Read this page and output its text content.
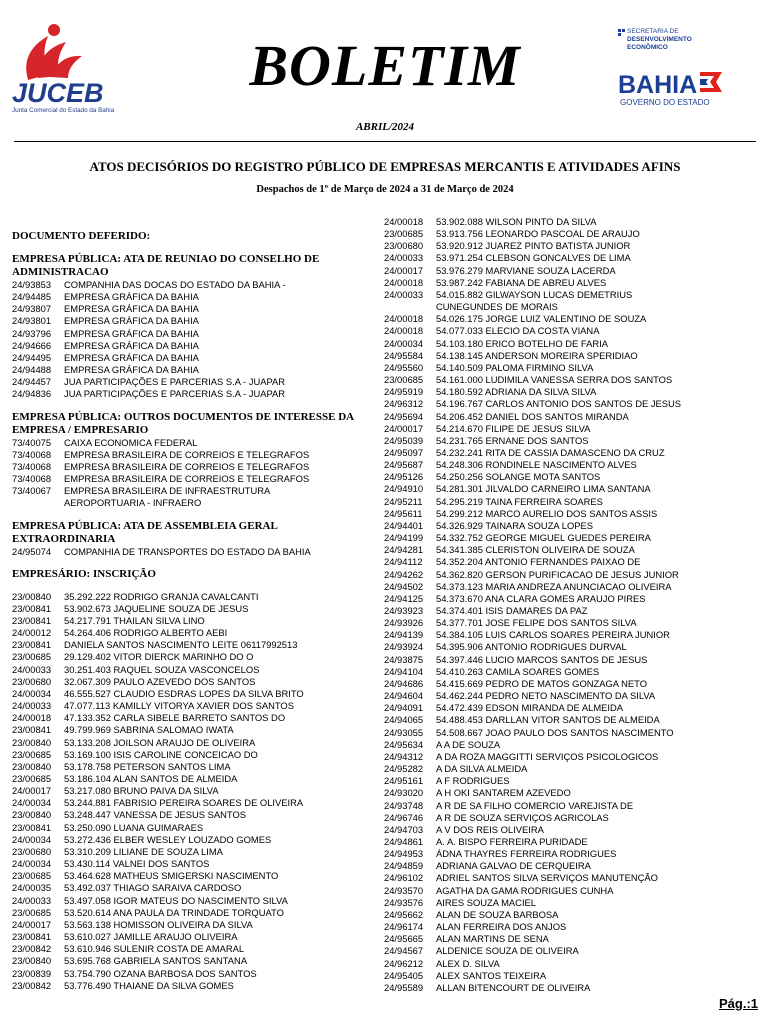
JUCEB
Junta Comercial do Estado da Bahia
BOLETIM
SECRETARIA DE
DESENVOLVIMENTO
ECONÔMICO
BAHIA
GOVERNO DO ESTADO
ABRIL/2024
ATOS DECISÓRIOS DO REGISTRO PÚBLICO DE EMPRESAS MERCANTIS E ATIVIDADES AFINS
Despachos de 1º de Março de 2024 a 31 de Março de 2024
DOCUMENTO DEFERIDO:
EMPRESA PÚBLICA: ATA DE REUNIAO DO CONSELHO DE ADMINISTRACAO
24/93853	COMPANHIA DAS DOCAS DO ESTADO DA BAHIA -
24/94485	EMPRESA GRÁFICA DA BAHIA
24/93807	EMPRESA GRÁFICA DA BAHIA
24/93801	EMPRESA GRÁFICA DA BAHIA
24/93796	EMPRESA GRÁFICA DA BAHIA
24/94666	EMPRESA GRÁFICA DA BAHIA
24/94495	EMPRESA GRÁFICA DA BAHIA
24/94488	EMPRESA GRÁFICA DA BAHIA
24/94457	JUA PARTICIPAÇÕES E PARCERIAS S.A - JUAPAR
24/94836	JUA PARTICIPAÇÕES E PARCERIAS S.A - JUAPAR
EMPRESA PÚBLICA: OUTROS DOCUMENTOS DE INTERESSE DA EMPRESA / EMPRESARIO
73/40075	CAIXA ECONOMICA FEDERAL
73/40068	EMPRESA BRASILEIRA DE CORREIOS E TELEGRAFOS
73/40068	EMPRESA BRASILEIRA DE CORREIOS E TELEGRAFOS
73/40068	EMPRESA BRASILEIRA DE CORREIOS E TELEGRAFOS
73/40067	EMPRESA BRASILEIRA DE INFRAESTRUTURA
AEROPORTUARIA - INFRAERO
EMPRESA PÚBLICA: ATA DE ASSEMBLEIA GERAL EXTRAORDINARIA
24/95074	COMPANHIA DE TRANSPORTES DO ESTADO DA BAHIA
EMPRESÁRIO: INSCRIÇÃO
23/00840	35.292.222 RODRIGO GRANJA CAVALCANTI
23/00841	53.902.673 JAQUELINE SOUZA DE JESUS
23/00841	54.217.791 THAILAN SILVA LINO
24/00012	54.264.406 RODRIGO ALBERTO AEBI
23/00841	DANIELA SANTOS NASCIMENTO LEITE 06117992513
23/00685	29.129.402 VITOR DIERCK MARINHO DO O
24/00033	30.251.403 RAQUEL SOUZA VASCONCELOS
23/00680	32.067.309 PAULO AZEVEDO DOS SANTOS
24/00034	46.555.527 CLAUDIO ESDRAS LOPES DA SILVA BRITO
24/00033	47.077.113 KAMILLY VITORYA XAVIER DOS SANTOS
24/00018	47.133.352 CARLA SIBELE BARRETO SANTOS DO
23/00841	49.799.969 SABRINA SALOMAO IWATA
23/00840	53.133.208 JOILSON ARAUJO DE OLIVEIRA
23/00685	53.169.100 ISIS CAROLINE CONCEICAO DO
23/00840	53.178.758 PETERSON SANTOS LIMA
23/00685	53.186.104 ALAN SANTOS DE ALMEIDA
24/00017	53.217.080 BRUNO PAIVA DA SILVA
24/00034	53.244.881 FABRISIO PEREIRA SOARES DE OLIVEIRA
23/00840	53.248.447 VANESSA DE JESUS SANTOS
23/00841	53.250.090 LUANA GUIMARAES
24/00034	53.272.436 ELBER WESLEY LOUZADO GOMES
23/00680	53.310.209 LILIANE DE SOUZA LIMA
24/00034	53.430.114 VALNEI DOS SANTOS
23/00685	53.464.628 MATHEUS SMIGERSKI NASCIMENTO
24/00035	53.492.037 THIAGO SARAIVA CARDOSO
24/00033	53.497.058 IGOR MATEUS DO NASCIMENTO SILVA
23/00685	53.520.614 ANA PAULA DA TRINDADE TORQUATO
24/00017	53.563.138 HOMISSON OLIVEIRA DA SILVA
23/00841	53.610.027 JAMILLE ARAUJO OLIVEIRA
23/00842	53.610.946 SULENIR COSTA DE AMARAL
23/00840	53.695.768 GABRIELA SANTOS SANTANA
23/00839	53.754.790 OZANA BARBOSA DOS SANTOS
23/00842	53.776.490 THAIANE DA SILVA GOMES
24/00018	53.902.088 WILSON PINTO DA SILVA
23/00685	53.913.756 LEONARDO PASCOAL DE ARAUJO
23/00680	53.920.912 JUAREZ PINTO BATISTA JUNIOR
24/00033	53.971.254 CLEBSON GONCALVES DE LIMA
24/00017	53.976.279 MARVIANE SOUZA LACERDA
24/00018	53.987.242 FABIANA DE ABREU ALVES
24/00033	54.015.882 GILWAYSON LUCAS DEMETRIUS
CUNEGUNDES DE MORAIS
24/00018	54.026.175 JORGE LUIZ VALENTINO DE SOUZA
24/00018	54.077.033 ELECIO DA COSTA VIANA
24/00034	54.103.180 ERICO BOTELHO DE FARIA
24/95584	54.138.145 ANDERSON MOREIRA SPERIDIAO
24/95560	54.140.509 PALOMA FIRMINO SILVA
23/00685	54.161.000 LUDIMILA VANESSA SERRA DOS SANTOS
24/95919	54.180.592 ADRIANA DA SILVA SILVA
24/96312	54.196.767 CARLOS ANTONIO DOS SANTOS DE JESUS
24/95694	54.206.452 DANIEL DOS SANTOS MIRANDA
24/00017	54.214.670 FILIPE DE JESUS SILVA
24/95039	54.231.765 ERNANE DOS SANTOS
24/95097	54.232.241 RITA DE CASSIA DAMASCENO DA CRUZ
24/95687	54.248.306 RONDINELE NASCIMENTO ALVES
24/95126	54.250.256 SOLANGE MOTA SANTOS
24/94910	54.281.301 JILVALDO CARNEIRO LIMA SANTANA
24/95211	54.295.219 TAINA FERREIRA SOARES
24/95611	54.299.212 MARCO AURELIO DOS SANTOS ASSIS
24/94401	54.326.929 TAINARA SOUZA LOPES
24/94199	54.332.752 GEORGE MIGUEL GUEDES PEREIRA
24/94281	54.341.385 CLERISTON OLIVEIRA DE SOUZA
24/94112	54.352.204 ANTONIO FERNANDES PAIXAO DE
24/94262	54.362.820 GERSON PURIFICACAO DE JESUS JUNIOR
24/94502	54.373.123 MARIA ANDREZA ANUNCIACAO OLIVEIRA
24/94125	54.373.670 ANA CLARA GOMES ARAUJO PIRES
24/93923	54.374.401 ISIS DAMARES DA PAZ
24/93926	54.377.701 JOSE FELIPE DOS SANTOS SILVA
24/94139	54.384.105 LUIS CARLOS SOARES PEREIRA JUNIOR
24/93924	54.395.906 ANTONIO RODRIGUES DURVAL
24/93875	54.397.446 LUCIO MARCOS SANTOS DE JESUS
24/94104	54.410.263 CAMILA SOARES GOMES
24/94686	54.415.669 PEDRO DE MATOS GONZAGA NETO
24/94604	54.462.244 PEDRO NETO NASCIMENTO DA SILVA
24/94091	54.472.439 EDSON MIRANDA DE ALMEIDA
24/94065	54.488.453 DARLLAN VITOR SANTOS DE ALMEIDA
24/93055	54.508.667 JOAO PAULO DOS SANTOS NASCIMENTO
24/95634	A A DE SOUZA
24/94312	A DA ROZA MAGGITTI SERVIÇOS PSICOLOGICOS
24/95282	A DA SILVA ALMEIDA
24/95161	A F RODRIGUES
24/93020	A H OKI SANTAREM AZEVEDO
24/93748	A R DE SA FILHO COMERCIO VAREJISTA DE
24/96746	A R DE SOUZA SERVIÇOS AGRICOLAS
24/94703	A V DOS REIS OLIVEIRA
24/94861	A. A. BISPO FERREIRA PURIDADE
24/94953	ÁDNA THAYRES FERREIRA RODRIGUES
24/94859	ADRIANA GALVAO DE CERQUEIRA
24/96102	ADRIEL SANTOS SILVA SERVIÇOS MANUTENÇÃO
24/93570	AGATHA DA GAMA RODRIGUES CUNHA
24/93576	AIRES SOUZA MACIEL
24/95662	ALAN DE SOUZA BARBOSA
24/96174	ALAN FERREIRA DOS ANJOS
24/95665	ALAN MARTINS DE SENA
24/94567	ALDENICE SOUZA DE OLIVEIRA
24/96212	ALEX D. SILVA
24/95405	ALEX SANTOS TEIXEIRA
24/95589	ALLAN BITENCOURT DE OLIVEIRA
Pág.:1
